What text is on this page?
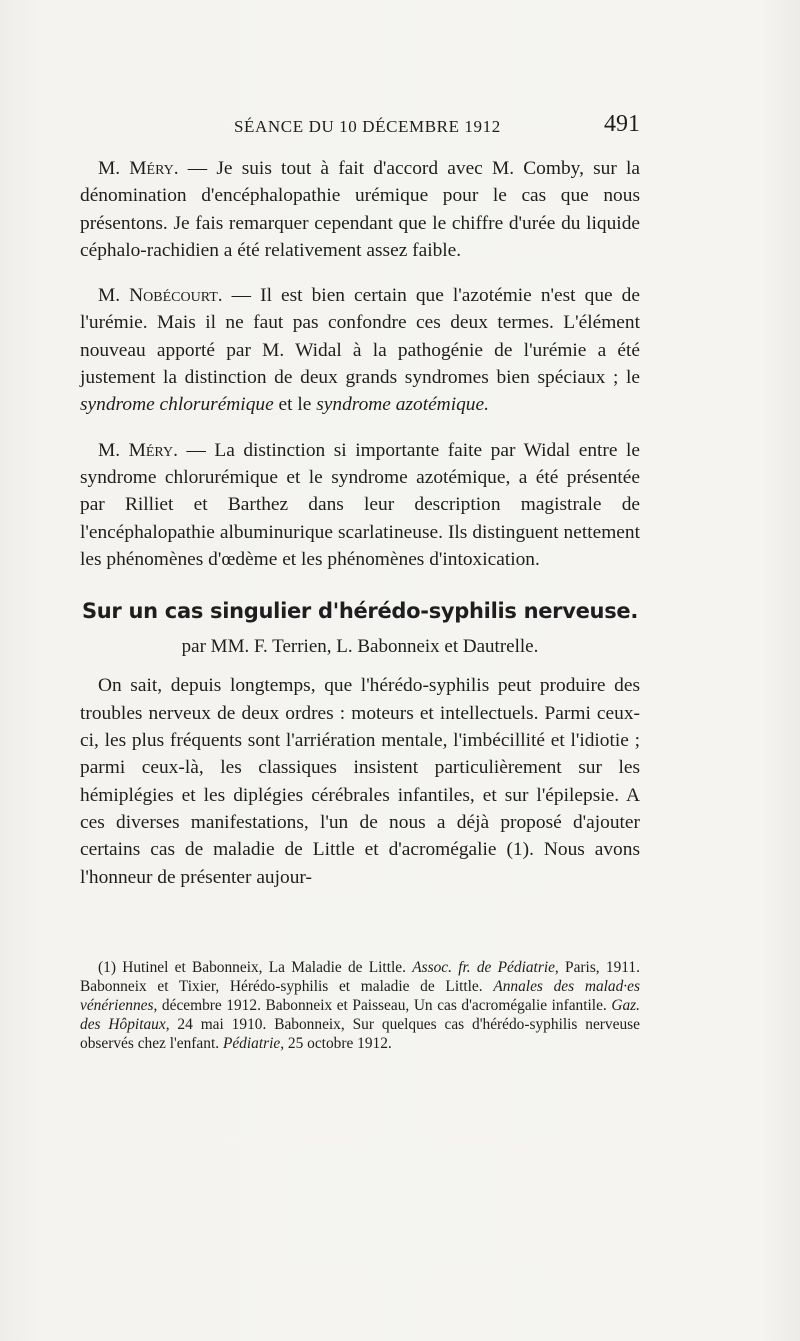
SÉANCE DU 10 DÉCEMBRE 1912	491

M. Méry. — Je suis tout à fait d'accord avec M. Comby, sur la dénomination d'encéphalopathie urémique pour le cas que nous présentons. Je fais remarquer cependant que le chiffre d'urée du liquide céphalo-rachidien a été relativement assez faible.

M. Nobécourt. — Il est bien certain que l'azotémie n'est que de l'urémie. Mais il ne faut pas confondre ces deux termes. L'élément nouveau apporté par M. Widal à la pathogénie de l'urémie a été justement la distinction de deux grands syndromes bien spéciaux ; le syndrome chlorurémique et le syndrome azotémique.

M. Méry. — La distinction si importante faite par Widal entre le syndrome chlorurémique et le syndrome azotémique, a été présentée par Rilliet et Barthez dans leur description magistrale de l'encéphalopathie albuminurique scarlatineuse. Ils distinguent nettement les phénomènes d'œdème et les phénomènes d'intoxication.

Sur un cas singulier d'hérédo-syphilis nerveuse.
par MM. F. Terrien, L. Babonneix et Dautrelle.

On sait, depuis longtemps, que l'hérédo-syphilis peut produire des troubles nerveux de deux ordres : moteurs et intellectuels. Parmi ceux-ci, les plus fréquents sont l'arriération mentale, l'imbécillité et l'idiotie ; parmi ceux-là, les classiques insistent particulièrement sur les hémiplégies et les diplégies cérébrales infantiles, et sur l'épilepsie. A ces diverses manifestations, l'un de nous a déjà proposé d'ajouter certains cas de maladie de Little et d'acromégalie (1). Nous avons l'honneur de présenter aujour-

(1) Hutinel et Babonneix, La Maladie de Little. Assoc. fr. de Pédiatrie, Paris, 1911. Babonneix et Tixier, Hérédo-syphilis et maladie de Little. Annales des malad·es vénériennes, décembre 1912. Babonneix et Paisseau, Un cas d'acromégalie infantile. Gaz. des Hôpitaux, 24 mai 1910. Babonneix, Sur quelques cas d'hérédo-syphilis nerveuse observés chez l'enfant. Pédiatrie, 25 octobre 1912.
